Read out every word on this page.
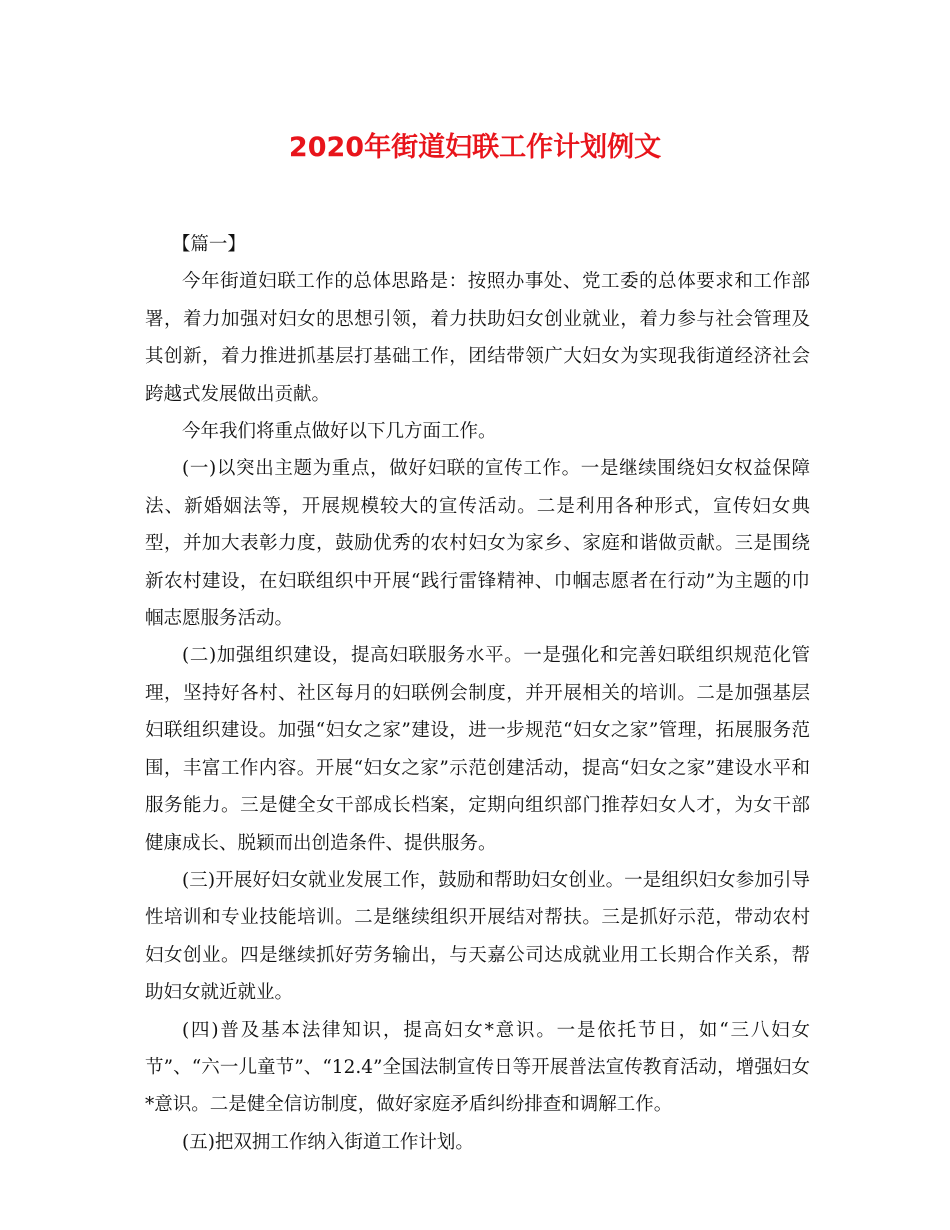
2020年街道妇联工作计划例文

【篇一】

今年街道妇联工作的总体思路是：按照办事处、党工委的总体要求和工作部署，着力加强对妇女的思想引领，着力扶助妇女创业就业，着力参与社会管理及其创新，着力推进抓基层打基础工作，团结带领广大妇女为实现我街道经济社会跨越式发展做出贡献。

今年我们将重点做好以下几方面工作。

(一)以突出主题为重点，做好妇联的宣传工作。一是继续围绕妇女权益保障法、新婚姻法等，开展规模较大的宣传活动。二是利用各种形式，宣传妇女典型，并加大表彰力度，鼓励优秀的农村妇女为家乡、家庭和谐做贡献。三是围绕新农村建设，在妇联组织中开展“践行雷锋精神、巾帼志愿者在行动”为主题的巾帼志愿服务活动。

(二)加强组织建设，提高妇联服务水平。一是强化和完善妇联组织规范化管理，坚持好各村、社区每月的妇联例会制度，并开展相关的培训。二是加强基层妇联组织建设。加强“妇女之家”建设，进一步规范“妇女之家”管理，拓展服务范围，丰富工作内容。开展“妇女之家”示范创建活动，提高“妇女之家”建设水平和服务能力。三是健全女干部成长档案，定期向组织部门推荐妇女人才，为女干部健康成长、脱颖而出创造条件、提供服务。

(三)开展好妇女就业发展工作，鼓励和帮助妇女创业。一是组织妇女参加引导性培训和专业技能培训。二是继续组织开展结对帮扶。三是抓好示范，带动农村妇女创业。四是继续抓好劳务输出，与天嘉公司达成就业用工长期合作关系，帮助妇女就近就业。

(四)普及基本法律知识，提高妇女*意识。一是依托节日，如“三八妇女节”、“六一儿童节”、“12.4”全国法制宣传日等开展普法宣传教育活动，增强妇女*意识。二是健全信访制度，做好家庭矛盾纠纷排查和调解工作。

(五)把双拥工作纳入街道工作计划。
